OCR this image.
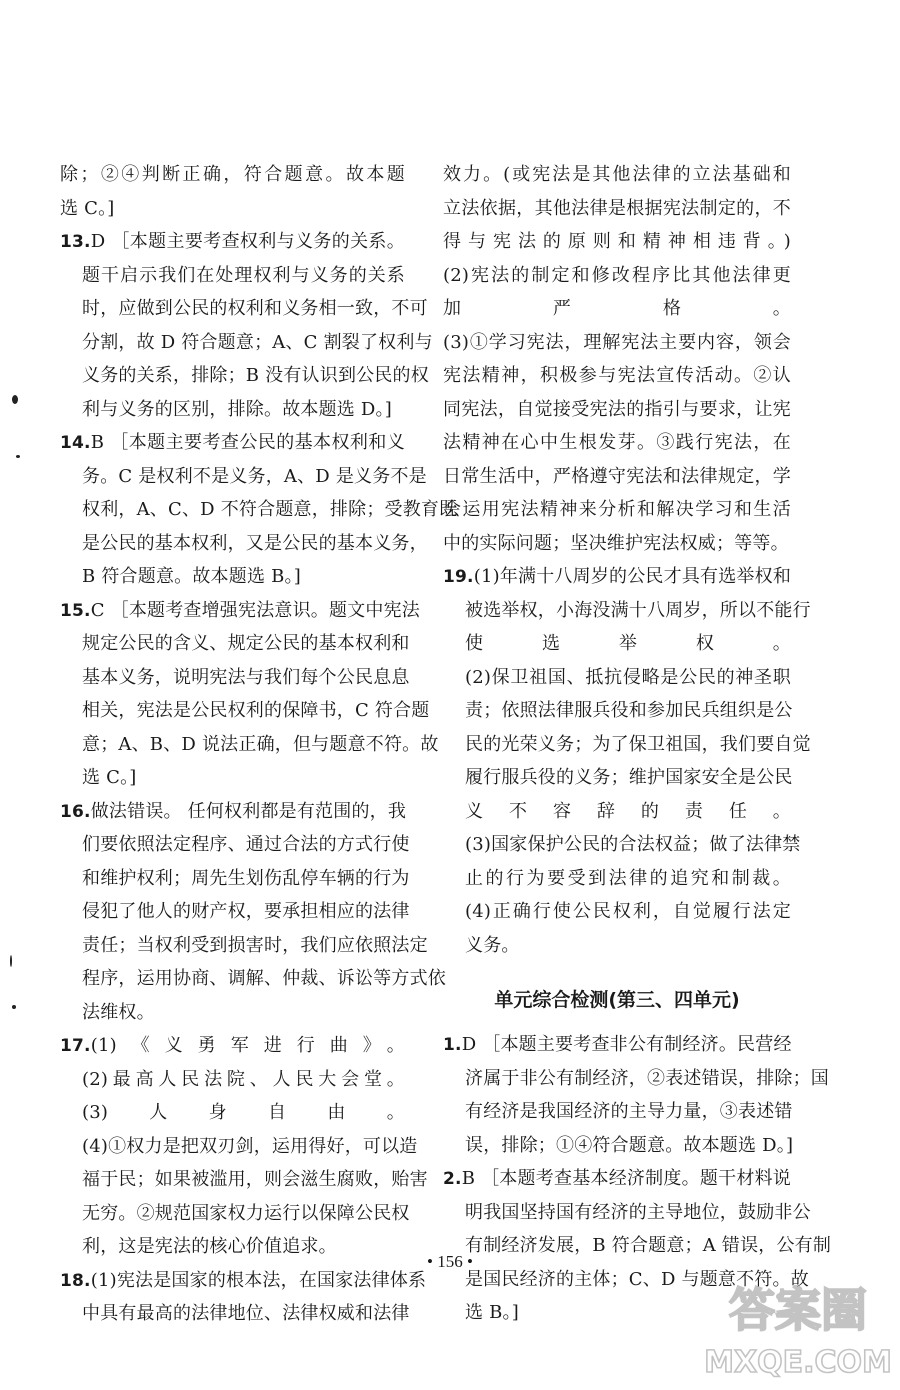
除；②④判断正确，符合题意。故本题
选 C。]
13.D ［本题主要考查权利与义务的关系。
题干启示我们在处理权利与义务的关系
时，应做到公民的权利和义务相一致，不可
分割，故 D 符合题意；A、C 割裂了权利与
义务的关系，排除；B 没有认识到公民的权
利与义务的区别，排除。故本题选 D。]
14.B ［本题主要考查公民的基本权利和义
务。C 是权利不是义务，A、D 是义务不是
权利，A、C、D 不符合题意，排除；受教育既
是公民的基本权利，又是公民的基本义务，
B 符合题意。故本题选 B。]
15.C ［本题考查增强宪法意识。题文中宪法
规定公民的含义、规定公民的基本权利和
基本义务，说明宪法与我们每个公民息息
相关，宪法是公民权利的保障书，C 符合题
意；A、B、D 说法正确，但与题意不符。故
选 C。]
16.做法错误。 任何权利都是有范围的，我
们要依照法定程序、通过合法的方式行使
和维护权利；周先生划伤乱停车辆的行为
侵犯了他人的财产权，要承担相应的法律
责任；当权利受到损害时，我们应依照法定
程序，运用协商、调解、仲裁、诉讼等方式依
法维权。
17.(1)《义勇军进行曲》。
(2)最高人民法院、人民大会堂。
(3)人身自由。
(4)①权力是把双刃剑，运用得好，可以造
福于民；如果被滥用，则会滋生腐败，贻害
无穷。②规范国家权力运行以保障公民权
利，这是宪法的核心价值追求。
18.(1)宪法是国家的根本法，在国家法律体系
中具有最高的法律地位、法律权威和法律
效力。(或宪法是其他法律的立法基础和
立法依据，其他法律是根据宪法制定的，不
得与宪法的原则和精神相违背。)
(2)宪法的制定和修改程序比其他法律更
加严格。
(3)①学习宪法，理解宪法主要内容，领会
宪法精神，积极参与宪法宣传活动。②认
同宪法，自觉接受宪法的指引与要求，让宪
法精神在心中生根发芽。③践行宪法，在
日常生活中，严格遵守宪法和法律规定，学
会运用宪法精神来分析和解决学习和生活
中的实际问题；坚决维护宪法权威；等等。
19.(1)年满十八周岁的公民才具有选举权和
被选举权，小海没满十八周岁，所以不能行
使选举权。
(2)保卫祖国、抵抗侵略是公民的神圣职
责；依照法律服兵役和参加民兵组织是公
民的光荣义务；为了保卫祖国，我们要自觉
履行服兵役的义务；维护国家安全是公民
义不容辞的责任。
(3)国家保护公民的合法权益；做了法律禁
止的行为要受到法律的追究和制裁。
(4)正确行使公民权利，自觉履行法定
义务。
单元综合检测(第三、四单元)
1.D ［本题主要考查非公有制经济。民营经
济属于非公有制经济，②表述错误，排除；国
有经济是我国经济的主导力量，③表述错
误，排除；①④符合题意。故本题选 D。]
2.B ［本题考查基本经济制度。题干材料说
明我国坚持国有经济的主导地位，鼓励非公
有制经济发展，B 符合题意；A 错误，公有制
是国民经济的主体；C、D 与题意不符。故
选 B。]
• 156 •
答案圈
MXQE.COM
